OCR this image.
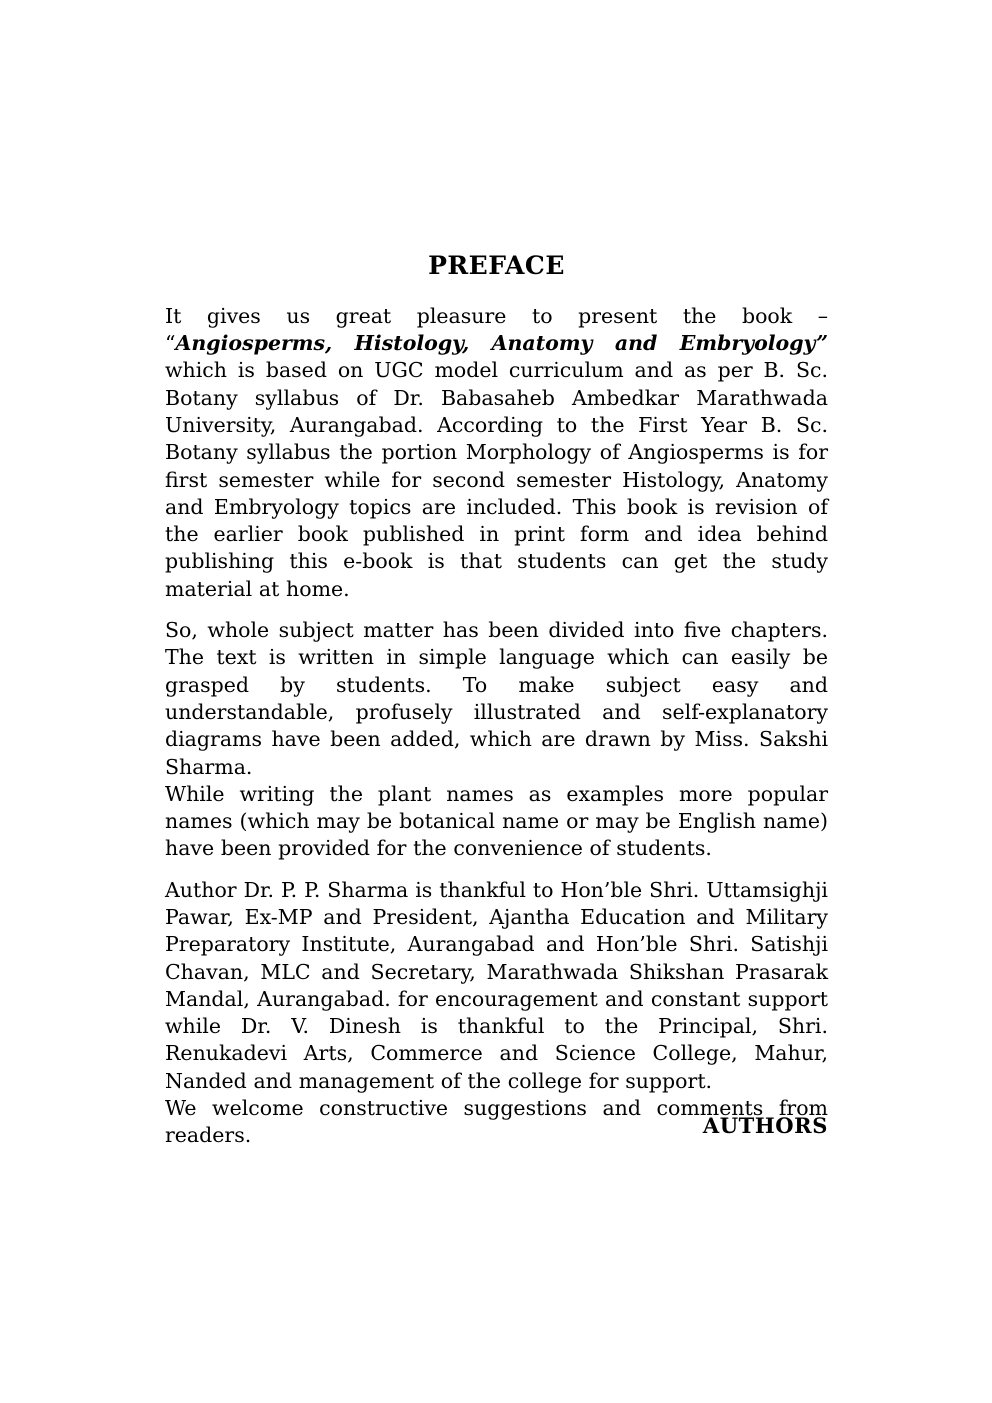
PREFACE

It gives us great pleasure to present the book – “Angiosperms, Histology, Anatomy and Embryology” which is based on UGC model curriculum and as per B. Sc. Botany syllabus of Dr. Babasaheb Ambedkar Marathwada University, Aurangabad. According to the First Year B. Sc. Botany syllabus the portion Morphology of Angiosperms is for first semester while for second semester Histology, Anatomy and Embryology topics are included. This book is revision of the earlier book published in print form and idea behind publishing this e-book is that students can get the study material at home.

So, whole subject matter has been divided into five chapters. The text is written in simple language which can easily be grasped by students. To make subject easy and understandable, profusely illustrated and self-explanatory diagrams have been added, which are drawn by Miss. Sakshi Sharma.

While writing the plant names as examples more popular names (which may be botanical name or may be English name) have been provided for the convenience of students.

Author Dr. P. P. Sharma is thankful to Hon’ble Shri. Uttamsighji Pawar, Ex-MP and President, Ajantha Education and Military Preparatory Institute, Aurangabad and Hon’ble Shri. Satishji Chavan, MLC and Secretary, Marathwada Shikshan Prasarak Mandal, Aurangabad. for encouragement and constant support while Dr. V. Dinesh is thankful to the Principal, Shri. Renukadevi Arts, Commerce and Science College, Mahur, Nanded and management of the college for support.

We welcome constructive suggestions and comments from readers.	AUTHORS
